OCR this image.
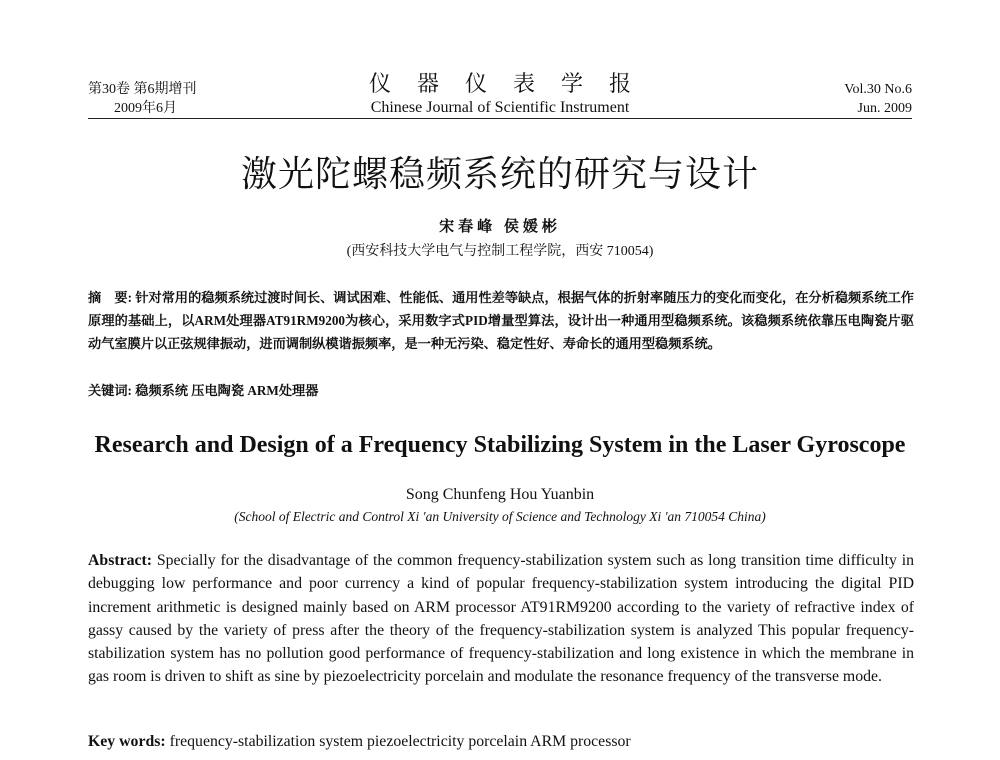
第30卷 第6期增刊
2009年6月
仪器仪表学报
Chinese Journal of Scientific Instrument
Vol.30 No.6
Jun. 2009
激光陀螺稳频系统的研究与设计
宋春峰 侯媛彬
(西安科技大学电气与控制工程学院，西安 710054)
摘　要: 针对常用的稳频系统过渡时间长、调试困难、性能低、通用性差等缺点，根据气体的折射率随压力的变化而变化，在分析稳频系统工作原理的基础上，以ARM处理器AT91RM9200为核心，采用数字式PID增量型算法，设计出一种通用型稳频系统。该稳频系统依靠压电陶瓷片驱动气室膜片以正弦规律振动，进而调制纵模谐振频率，是一种无污染、稳定性好、寿命长的通用型稳频系统。
关键词: 稳频系统 压电陶瓷 ARM处理器
Research and Design of a Frequency Stabilizing System in the Laser Gyroscope
Song Chunfeng Hou Yuanbin
(School of Electric and Control Xi 'an University of Science and Technology Xi 'an 710054 China)
Abstract: Specially for the disadvantage of the common frequency-stabilization system such as long transition time difficulty in debugging low performance and poor currency a kind of popular frequency-stabilization system introducing the digital PID increment arithmetic is designed mainly based on ARM processor AT91RM9200 according to the variety of refractive index of gassy caused by the variety of press after the theory of the frequency-stabilization system is analyzed This popular frequency-stabilization system has no pollution good performance of frequency-stabilization and long existence in which the membrane in gas room is driven to shift as sine by piezoelectricity porcelain and modulate the resonance frequency of the transverse mode.
Key words: frequency-stabilization system piezoelectricity porcelain ARM processor
